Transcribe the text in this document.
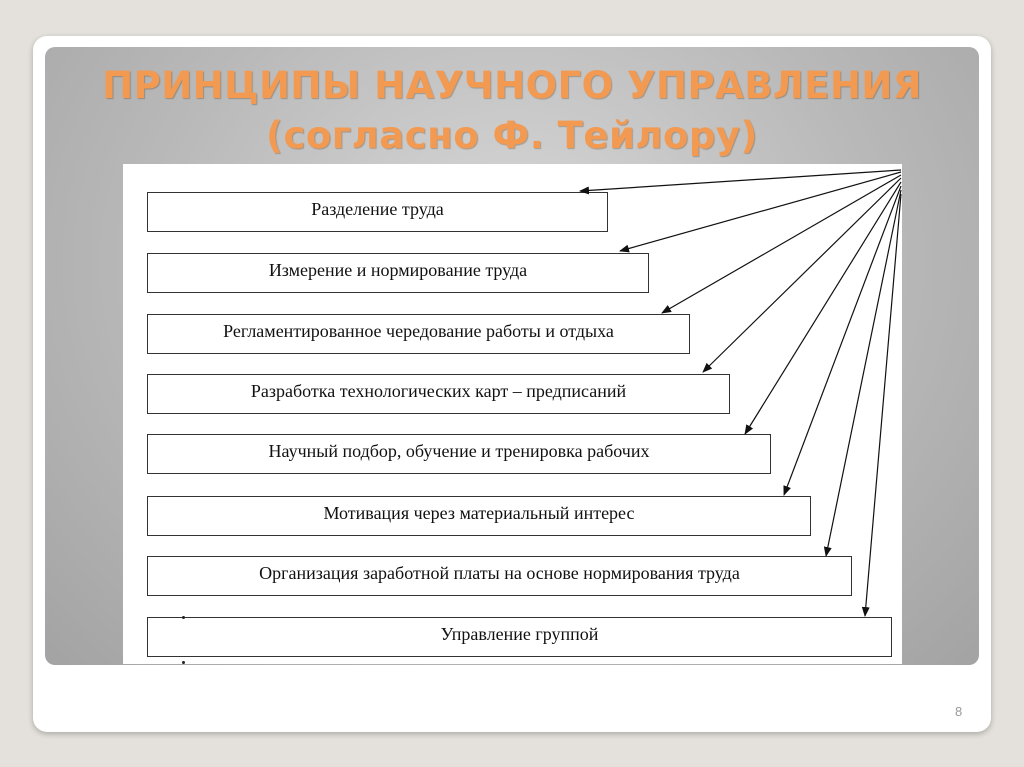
ПРИНЦИПЫ НАУЧНОГО УПРАВЛЕНИЯ
(согласно Ф. Тейлору)
Разделение труда
Измерение и нормирование труда
Регламентированное чередование работы и отдыха
Разработка технологических карт – предписаний
Научный подбор, обучение и тренировка рабочих
Мотивация через материальный интерес
Организация заработной платы на основе нормирования труда
Управление группой
8
